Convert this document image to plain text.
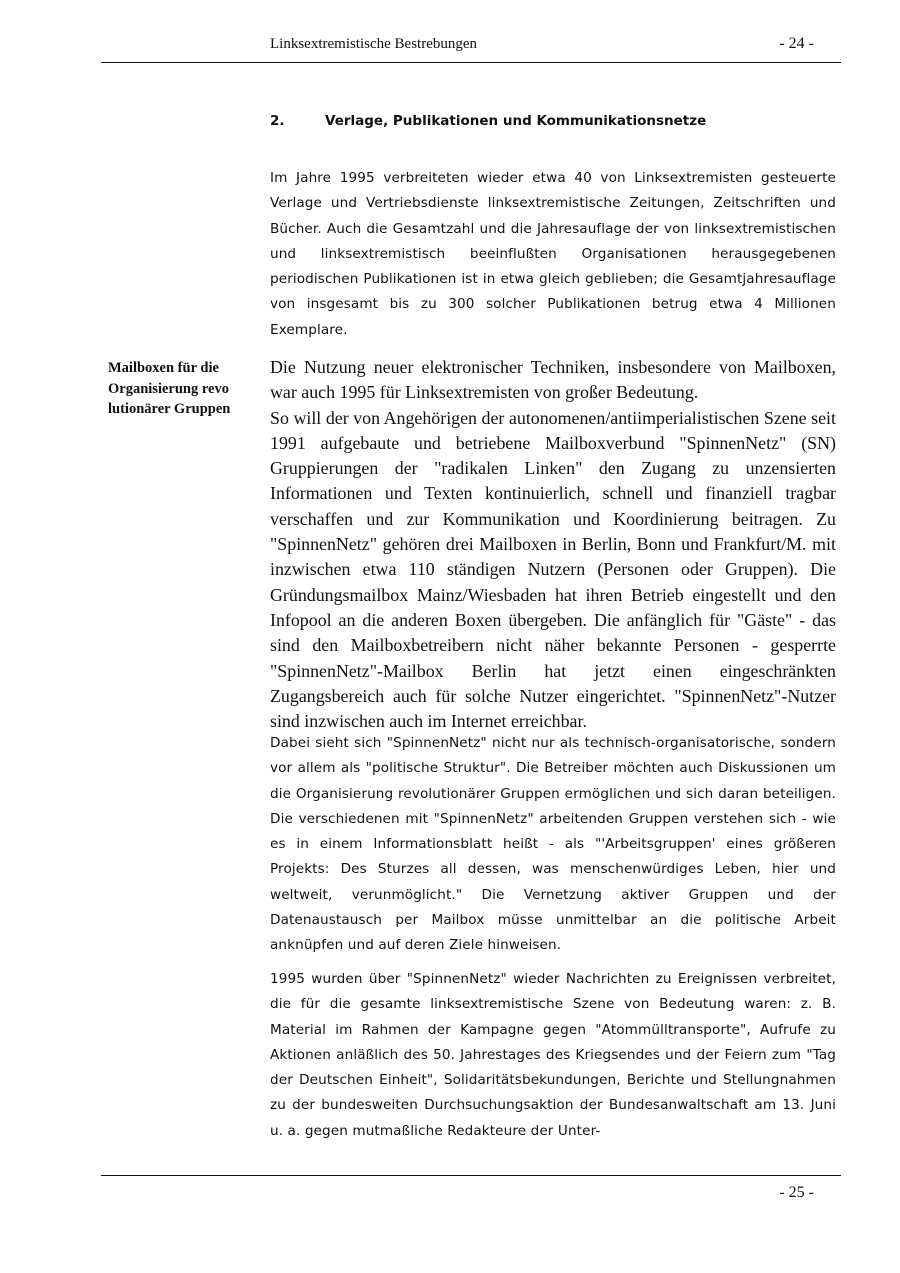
Linksextremistische Bestrebungen	- 24 -
2.	Verlage, Publikationen und Kommunikationsnetze

Im Jahre 1995 verbreiteten wieder etwa 40 von Linksextremisten gesteuerte Verlage und Vertriebsdienste linksextremistische Zeitungen, Zeitschriften und Bücher. Auch die Gesamtzahl und die Jahresauflage der von linksextremistischen und linksextremistisch beeinflußten Organisationen herausgegebenen periodischen Publikationen ist in etwa gleich geblieben; die Gesamtjahresauflage von insgesamt bis zu 300 solcher Publikationen betrug etwa 4 Millionen Exemplare.

Mailboxen für die
Organisierung revo
lutionärer Gruppen

Die Nutzung neuer elektronischer Techniken, insbesondere von Mailboxen, war auch 1995 für Linksextremisten von großer Bedeutung.

So will der von Angehörigen der autonomenen/antiimperialistischen Szene seit 1991 aufgebaute und betriebene Mailboxverbund "SpinnenNetz" (SN) Gruppierungen der "radikalen Linken" den Zugang zu unzensierten Informationen und Texten kontinuierlich, schnell und finanziell tragbar verschaffen und zur Kommunikation und Koordinierung beitragen. Zu "SpinnenNetz" gehören drei Mailboxen in Berlin, Bonn und Frankfurt/M. mit inzwischen etwa 110 ständigen Nutzern (Personen oder Gruppen). Die Gründungsmailbox Mainz/Wiesbaden hat ihren Betrieb eingestellt und den Infopool an die anderen Boxen übergeben. Die anfänglich für "Gäste" - das sind den Mailboxbetreibern nicht näher bekannte Personen - gesperrte "SpinnenNetz"-Mailbox Berlin hat jetzt einen eingeschränkten Zugangsbereich auch für solche Nutzer eingerichtet. "SpinnenNetz"-Nutzer sind inzwischen auch im Internet erreichbar.

Dabei sieht sich "SpinnenNetz" nicht nur als technisch-organisatorische, sondern vor allem als "politische Struktur". Die Betreiber möchten auch Diskussionen um die Organisierung revolutionärer Gruppen ermöglichen und sich daran beteiligen. Die verschiedenen mit "SpinnenNetz" arbeitenden Gruppen verstehen sich - wie es in einem Informationsblatt heißt - als "'Arbeitsgruppen' eines größeren Projekts: Des Sturzes all dessen, was menschenwürdiges Leben, hier und weltweit, verunmöglicht." Die Vernetzung aktiver Gruppen und der Datenaustausch per Mailbox müsse unmittelbar an die politische Arbeit anknüpfen und auf deren Ziele hinweisen.

1995 wurden über "SpinnenNetz" wieder Nachrichten zu Ereignissen verbreitet, die für die gesamte linksextremistische Szene von Bedeutung waren: z. B. Material im Rahmen der Kampagne gegen "Atommülltransporte", Aufrufe zu Aktionen anläßlich des 50. Jahrestages des Kriegsendes und der Feiern zum "Tag der Deutschen Einheit", Solidaritätsbekundungen, Berichte und Stellungnahmen zu der bundesweiten Durchsuchungsaktion der Bundesanwaltschaft am 13. Juni u. a. gegen mutmaßliche Redakteure der Unter-

- 25 -
